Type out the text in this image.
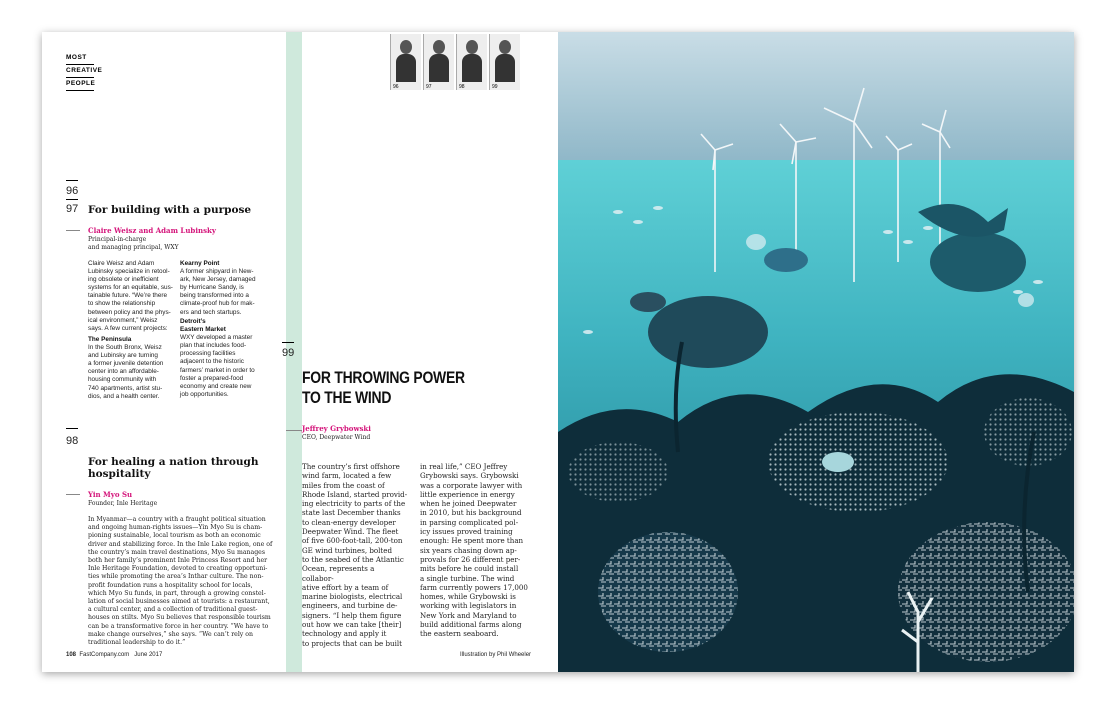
MOST
CREATIVE
PEOPLE
96
97 For building with a purpose
Claire Weisz and Adam Lubinsky
Principal-in-charge
and managing principal, WXY
Claire Weisz and Adam
Lubinsky specialize in retool-
ing obsolete or inefficient
systems for an equitable, sus-
tainable future. “We’re there
to show the relationship
between policy and the phys-
ical environment,” Weisz
says. A few current projects:
The Peninsula
In the South Bronx, Weisz
and Lubinsky are turning
a former juvenile detention
center into an affordable-
housing community with
740 apartments, artist stu-
dios, and a health center.
Kearny Point
A former shipyard in New-
ark, New Jersey, damaged
by Hurricane Sandy, is
being transformed into a
climate-proof hub for mak-
ers and tech startups.
Detroit’s
Eastern Market
WXY developed a master
plan that includes food-
processing facilities
adjacent to the historic
farmers’ market in order to
foster a prepared-food
economy and create new
job opportunities.
98
For healing a nation through
hospitality
Yin Myo Su
Founder, Inle Heritage
In Myanmar—a country with a fraught political situation
and ongoing human-rights issues—Yin Myo Su is cham-
pioning sustainable, local tourism as both an economic
driver and stabilizing force. In the Inle Lake region, one of
the country’s main travel destinations, Myo Su manages
both her family’s prominent Inle Princess Resort and her
Inle Heritage Foundation, devoted to creating opportuni-
ties while promoting the area’s Inthar culture. The non-
profit foundation runs a hospitality school for locals,
which Myo Su funds, in part, through a growing constel-
lation of social businesses aimed at tourists: a restaurant,
a cultural center, and a collection of traditional guest-
houses on stilts. Myo Su believes that responsible tourism
can be a transformative force in her country. “We have to
make change ourselves,” she says. “We can’t rely on
traditional leadership to do it.”
96	97	98	99
99
FOR THROWING POWER
TO THE WIND
Jeffrey Grybowski
CEO, Deepwater Wind
The country’s first offshore
wind farm, located a few
miles from the coast of
Rhode Island, started provid-
ing electricity to parts of the
state last December thanks
to clean-energy developer
Deepwater Wind. The fleet
of five 600-foot-tall, 200-ton
GE wind turbines, bolted
to the seabed of the Atlantic
Ocean, represents a collabor-
ative effort by a team of
marine biologists, electrical
engineers, and turbine de-
signers. “I help them figure
out how we can take [their]
technology and apply it
to projects that can be built
in real life,” CEO Jeffrey
Grybowski says. Grybowski
was a corporate lawyer with
little experience in energy
when he joined Deepwater
in 2010, but his background
in parsing complicated pol-
icy issues proved training
enough: He spent more than
six years chasing down ap-
provals for 26 different per-
mits before he could install
a single turbine. The wind
farm currently powers 17,000
homes, while Grybowski is
working with legislators in
New York and Maryland to
build additional farms along
the eastern seaboard.
108 FastCompany.com June 2017	Illustration by Phil Wheeler
